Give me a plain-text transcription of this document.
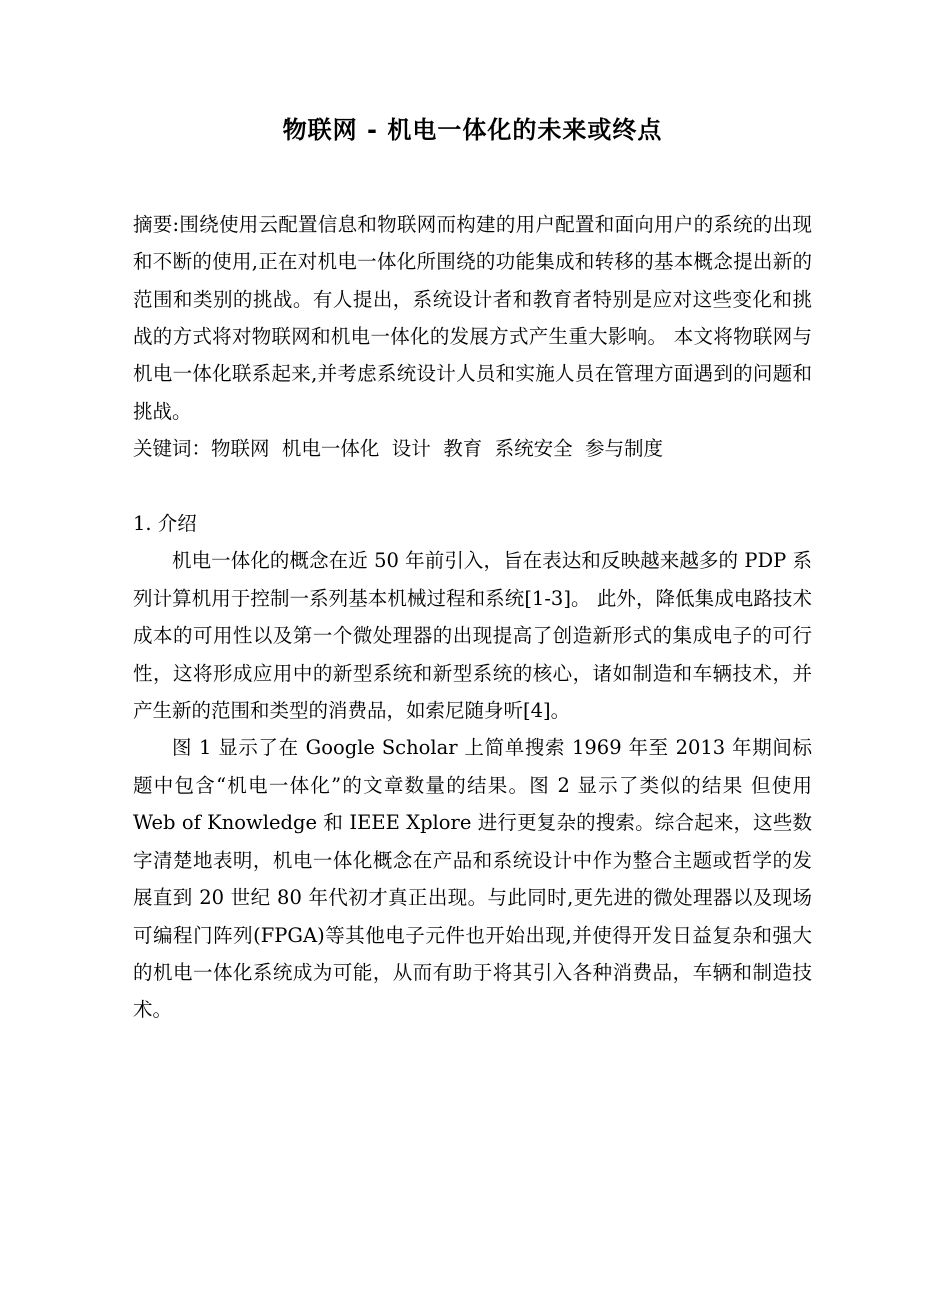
物联网 - 机电一体化的未来或终点

摘要:围绕使用云配置信息和物联网而构建的用户配置和面向用户的系统的出现和不断的使用,正在对机电一体化所围绕的功能集成和转移的基本概念提出新的范围和类别的挑战。有人提出，系统设计者和教育者特别是应对这些变化和挑战的方式将对物联网和机电一体化的发展方式产生重大影响。 本文将物联网与机电一体化联系起来,并考虑系统设计人员和实施人员在管理方面遇到的问题和挑战。

关键词：物联网  机电一体化  设计  教育  系统安全  参与制度

1. 介绍

机电一体化的概念在近 50 年前引入，旨在表达和反映越来越多的 PDP 系列计算机用于控制一系列基本机械过程和系统[1-3]。 此外，降低集成电路技术成本的可用性以及第一个微处理器的出现提高了创造新形式的集成电子的可行性，这将形成应用中的新型系统和新型系统的核心，诸如制造和车辆技术，并产生新的范围和类型的消费品，如索尼随身听[4]。

图 1 显示了在 Google Scholar 上简单搜索 1969 年至 2013 年期间标题中包含“机电一体化”的文章数量的结果。图 2 显示了类似的结果 但使用 Web of Knowledge 和 IEEE Xplore 进行更复杂的搜索。综合起来，这些数字清楚地表明，机电一体化概念在产品和系统设计中作为整合主题或哲学的发展直到 20 世纪 80 年代初才真正出现。与此同时,更先进的微处理器以及现场可编程门阵列(FPGA)等其他电子元件也开始出现,并使得开发日益复杂和强大的机电一体化系统成为可能，从而有助于将其引入各种消费品，车辆和制造技术。
